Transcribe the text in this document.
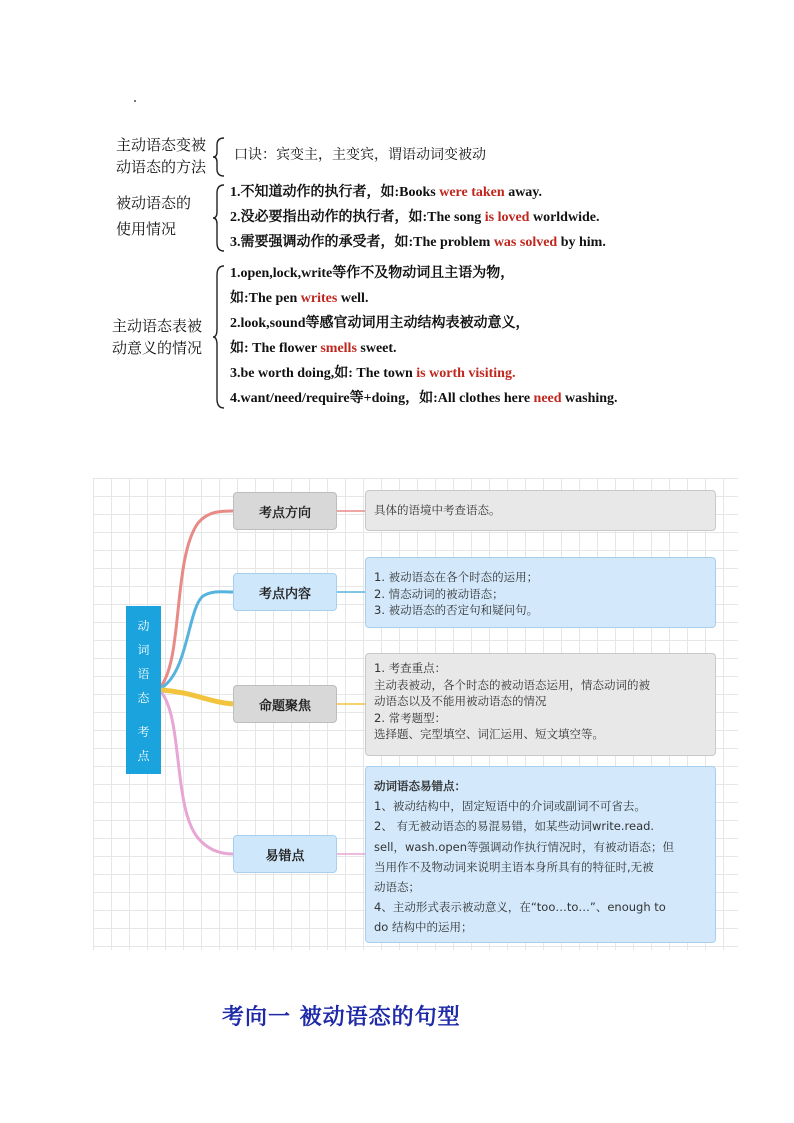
主动语态变被
动语态的方法
口诀：宾变主，主变宾，谓语动词变被动
被动语态的
使用情况
1.不知道动作的执行者，如:Books were taken away.
2.没必要指出动作的执行者，如:The song is loved worldwide.
3.需要强调动作的承受者，如:The problem was solved by him.
主动语态表被
动意义的情况
1.open,lock,write等作不及物动词且主语为物，
如:The pen writes well.
2.look,sound等感官动词用主动结构表被动意义，
如: The flower smells sweet.
3.be worth doing,如: The town is worth visiting.
4.want/need/require等+doing，如:All clothes here need washing.
动
词
语
态
考
点
考点方向
考点内容
命题聚焦
易错点
具体的语境中考查语态。
1. 被动语态在各个时态的运用；
2. 情态动词的被动语态；
3. 被动语态的否定句和疑问句。
1. 考查重点：
主动表被动，各个时态的被动语态运用，情态动词的被
动语态以及不能用被动语态的情况
2. 常考题型：
选择题、完型填空、词汇运用、短文填空等。
动词语态易错点：
1、被动结构中，固定短语中的介词或副词不可省去。
2、 有无被动语态的易混易错，如某些动词write.read.
sell，wash.open等强调动作执行情况时，有被动语态；但
当用作不及物动词来说明主语本身所具有的特征时,无被
动语态；
4、主动形式表示被动意义，在“too…to…”、enough to
do 结构中的运用；
考向一 被动语态的句型
